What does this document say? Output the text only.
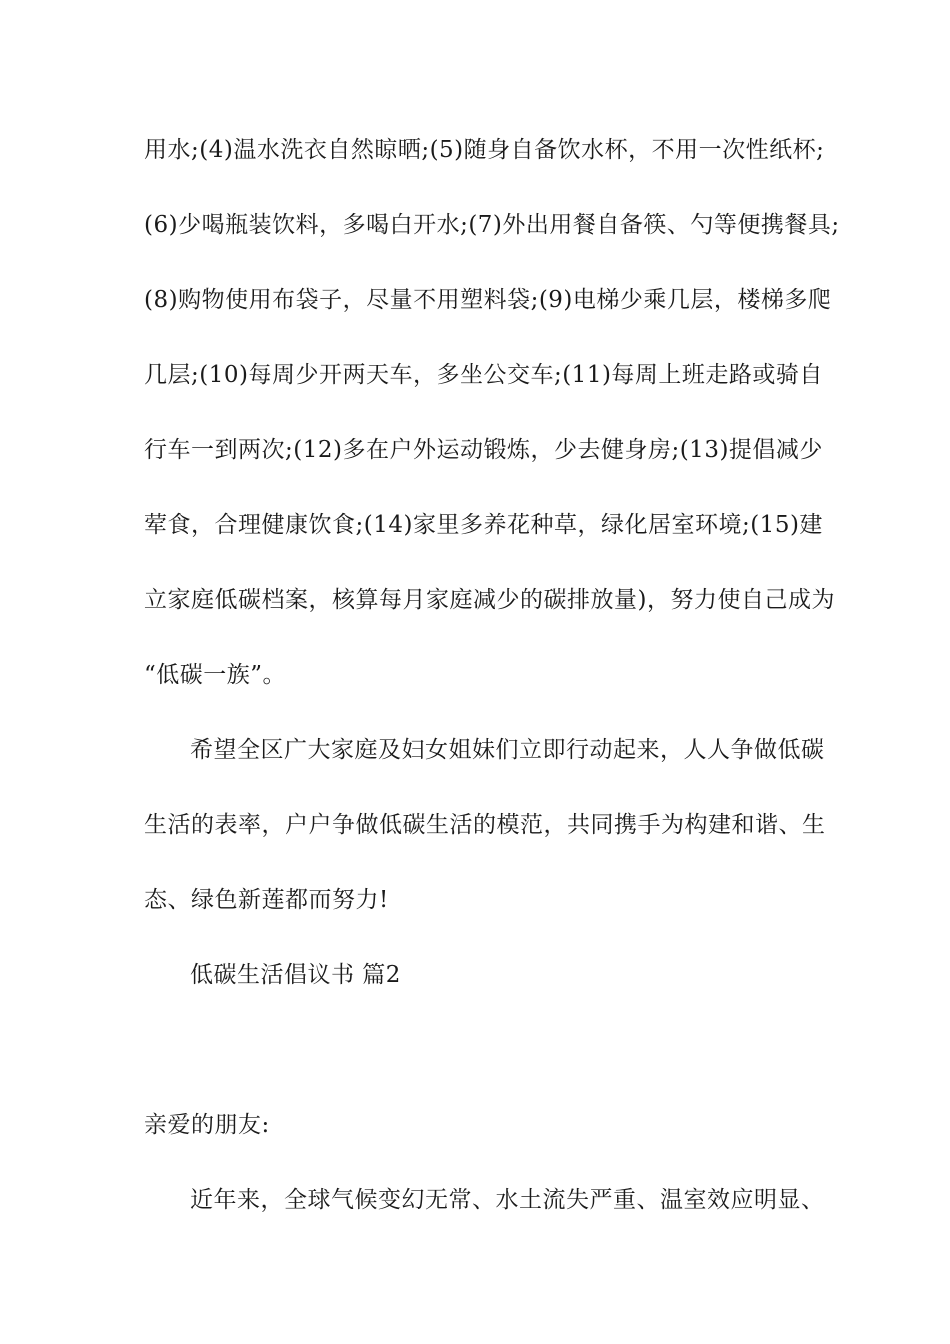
用水;(4)温水洗衣自然晾晒;(5)随身自备饮水杯，不用一次性纸杯;
(6)少喝瓶装饮料，多喝白开水;(7)外出用餐自备筷、勺等便携餐具;
(8)购物使用布袋子，尽量不用塑料袋;(9)电梯少乘几层，楼梯多爬
几层;(10)每周少开两天车，多坐公交车;(11)每周上班走路或骑自
行车一到两次;(12)多在户外运动锻炼，少去健身房;(13)提倡减少
荤食，合理健康饮食;(14)家里多养花种草，绿化居室环境;(15)建
立家庭低碳档案，核算每月家庭减少的碳排放量)，努力使自己成为
“低碳一族”。
希望全区广大家庭及妇女姐妹们立即行动起来，人人争做低碳
生活的表率，户户争做低碳生活的模范，共同携手为构建和谐、生
态、绿色新莲都而努力!
低碳生活倡议书 篇2
亲爱的朋友:
近年来，全球气候变幻无常、水土流失严重、温室效应明显、
